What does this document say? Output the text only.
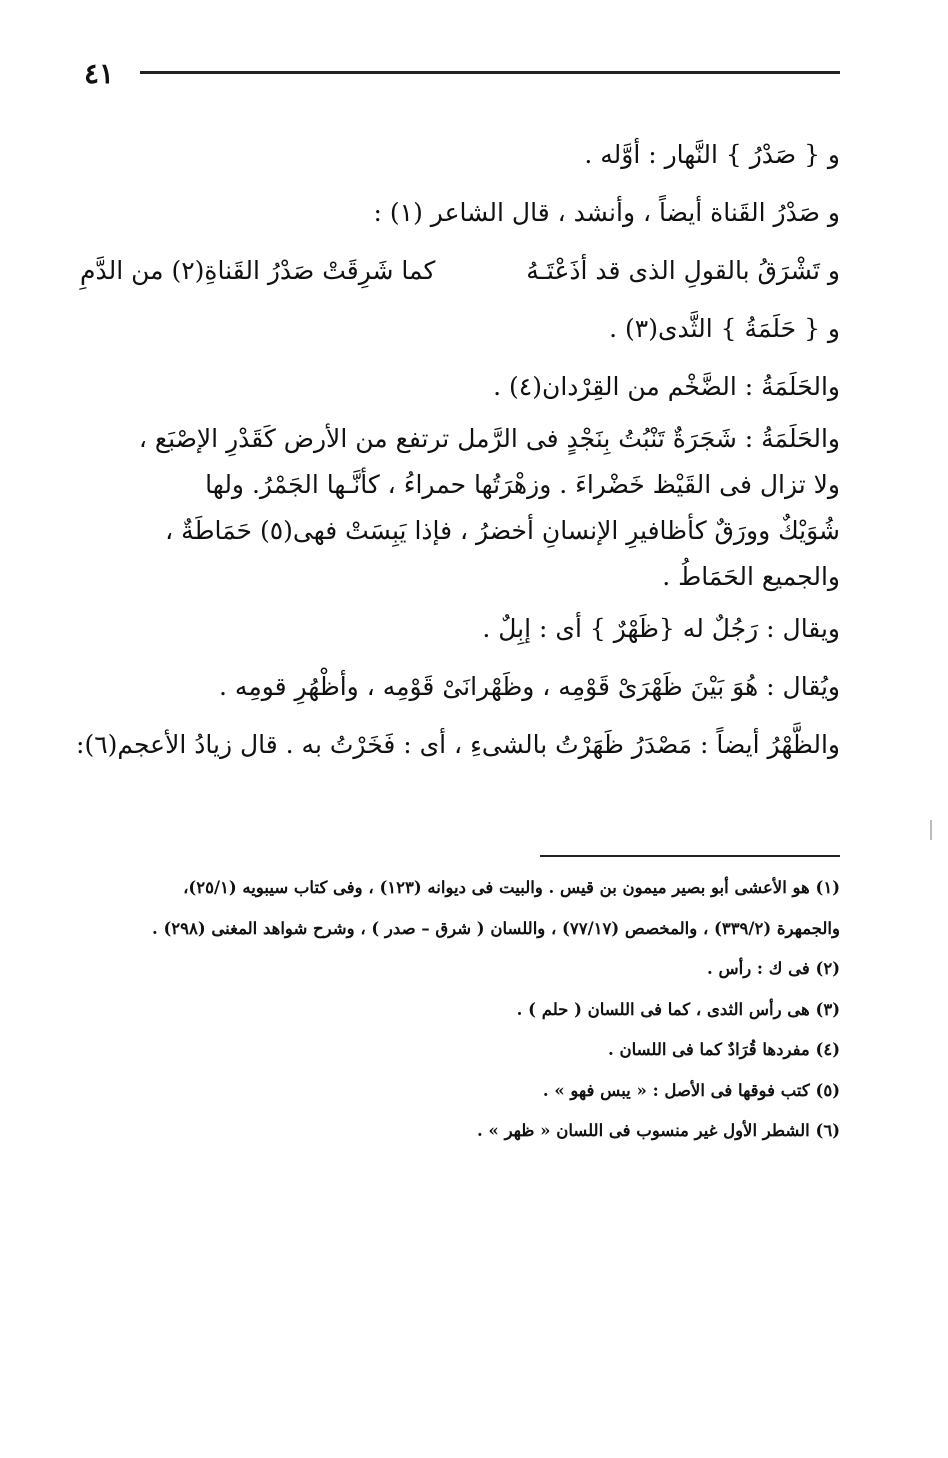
٤١
و { صَدْرُ } النَّهار : أوَّله .
و صَدْرُ القَناة أيضاً ، وأنشد ، قال الشاعر (١) :
و تَشْرَقُ بالقولِ الذى قد أذَعْتَـهُ
كما شَرِقَتْ صَدْرُ القَناةِ(٢) من الدَّمِ
و { حَلَمَةُ } الثَّدى(٣) .
والحَلَمَةُ : الضَّخْم من القِرْدان(٤) .
والحَلَمَةُ : شَجَرَةٌ تَنْبُتُ بِنَجْدٍ فى الرَّمل ترتفع من الأرض كَقَدْرِ الإصْبَع ،
ولا تزال فى القَيْظ خَضْراءَ . وزهْرَتُها حمراءُ ، كأنَّـها الجَمْرُ. ولها
شُوَيْكٌ وورَقٌ كأظافيرِ الإنسانِ أخضرُ ، فإذا يَبِسَتْ فهى(٥) حَمَاطَةٌ ،
والجميع الحَمَاطُ .
ويقال : رَجُلٌ له {ظَهْرٌ } أى : إبِلٌ .
ويُقال : هُوَ بَيْنَ ظَهْرَىْ قَوْمِه ، وظَهْرانَىْ قَوْمِه ، وأظْهُرِ قومِه .
والظَّهْرُ أيضاً : مَصْدَرُ ظَهَرْتُ بالشىءِ ، أى : فَخَرْتُ به . قال زيادُ الأعجم(٦):
(١) هو الأعشى أبو بصير ميمون بن قيس . والبيت فى ديوانه (١٢٣) ، وفى كتاب سيبويه (٢٥/١)،
والجمهرة (٣٣٩/٢) ، والمخصص (٧٧/١٧) ، واللسان ( شرق – صدر ) ، وشرح شواهد المغنى (٢٩٨) .
(٢) فى ك : رأس .
(٣) هى رأس الثدى ، كما فى اللسان ( حلم ) .
(٤) مفردها قُرَادٌ كما فى اللسان .
(٥) كتب فوقها فى الأصل : « يبس فهو » .
(٦) الشطر الأول غير منسوب فى اللسان « ظهر » .
